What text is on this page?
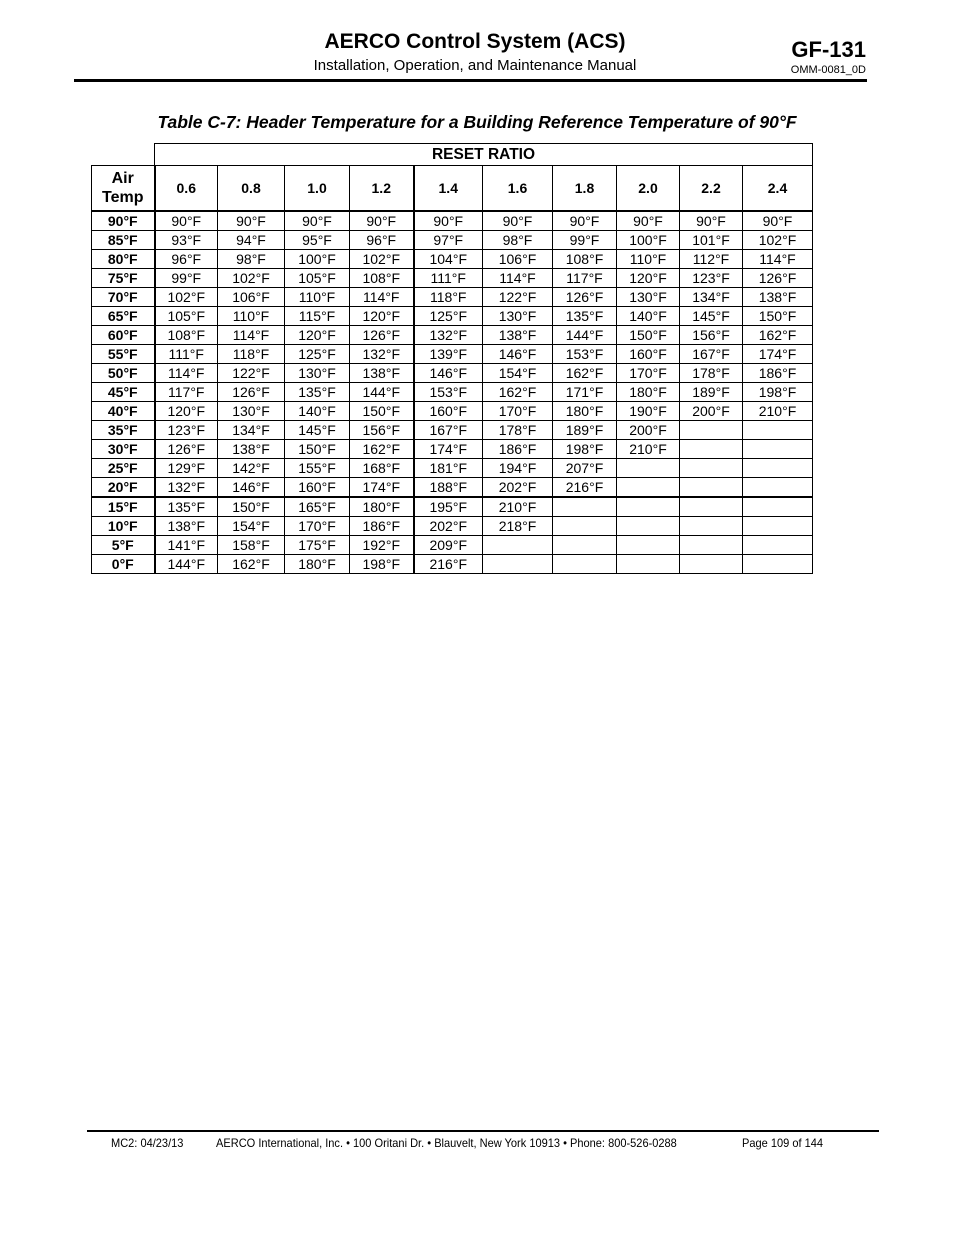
AERCO Control System (ACS)
Installation, Operation, and Maintenance Manual
GF-131
OMM-0081_0D
Table C-7: Header Temperature for a Building Reference Temperature of 90°F
	RESET RATIO									
Air Temp	0.6	0.8	1.0	1.2	1.4	1.6	1.8	2.0	2.2	2.4
90°F	90°F	90°F	90°F	90°F	90°F	90°F	90°F	90°F	90°F	90°F
85°F	93°F	94°F	95°F	96°F	97°F	98°F	99°F	100°F	101°F	102°F
80°F	96°F	98°F	100°F	102°F	104°F	106°F	108°F	110°F	112°F	114°F
75°F	99°F	102°F	105°F	108°F	111°F	114°F	117°F	120°F	123°F	126°F
70°F	102°F	106°F	110°F	114°F	118°F	122°F	126°F	130°F	134°F	138°F
65°F	105°F	110°F	115°F	120°F	125°F	130°F	135°F	140°F	145°F	150°F
60°F	108°F	114°F	120°F	126°F	132°F	138°F	144°F	150°F	156°F	162°F
55°F	111°F	118°F	125°F	132°F	139°F	146°F	153°F	160°F	167°F	174°F
50°F	114°F	122°F	130°F	138°F	146°F	154°F	162°F	170°F	178°F	186°F
45°F	117°F	126°F	135°F	144°F	153°F	162°F	171°F	180°F	189°F	198°F
40°F	120°F	130°F	140°F	150°F	160°F	170°F	180°F	190°F	200°F	210°F
35°F	123°F	134°F	145°F	156°F	167°F	178°F	189°F	200°F		
30°F	126°F	138°F	150°F	162°F	174°F	186°F	198°F	210°F		
25°F	129°F	142°F	155°F	168°F	181°F	194°F	207°F			
20°F	132°F	146°F	160°F	174°F	188°F	202°F	216°F			
15°F	135°F	150°F	165°F	180°F	195°F	210°F				
10°F	138°F	154°F	170°F	186°F	202°F	218°F				
5°F	141°F	158°F	175°F	192°F	209°F					
0°F	144°F	162°F	180°F	198°F	216°F					
MC2: 04/23/13	AERCO International, Inc. • 100 Oritani Dr. • Blauvelt, New York 10913 • Phone: 800-526-0288	Page 109 of 144
